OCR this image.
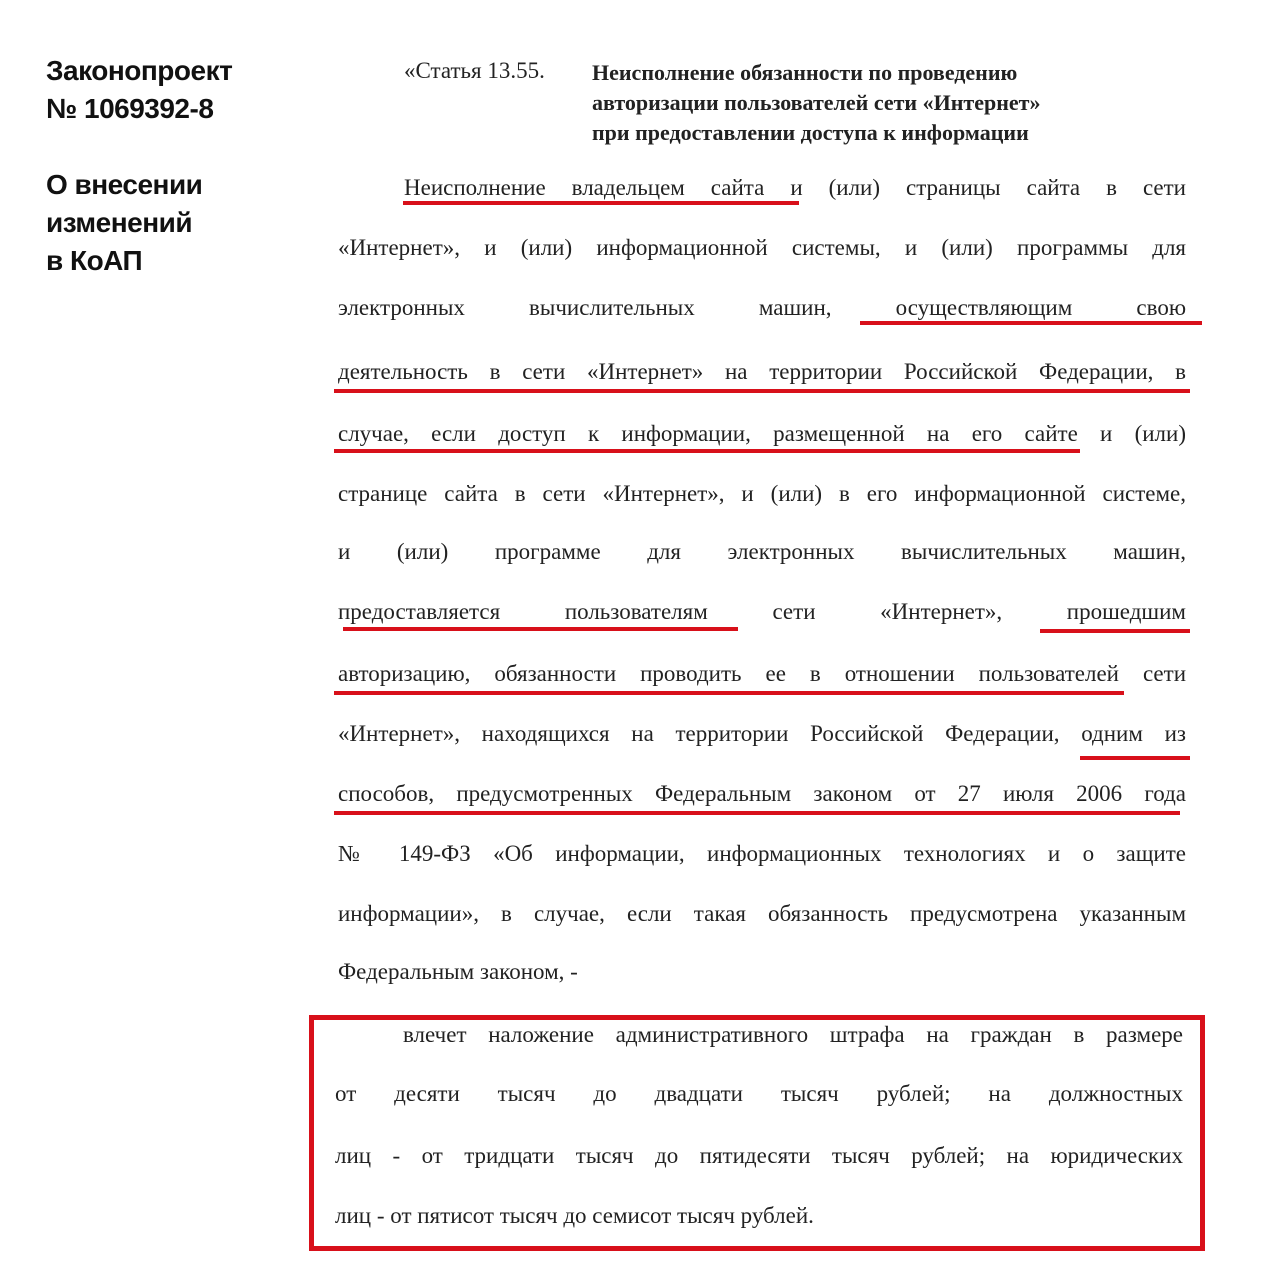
Законопроект
№ 1069392-8
О внесении
изменений
в КоАП
«Статья 13.55. Неисполнение обязанности по проведению
авторизации пользователей сети «Интернет»
при предоставлении доступа к информации
Неисполнение владельцем сайта и (или) страницы сайта в сети
«Интернет», и (или) информационной системы, и (или) программы для
электронных вычислительных машин, осуществляющим свою
деятельность в сети «Интернет» на территории Российской Федерации, в
случае, если доступ к информации, размещенной на его сайте и (или)
странице сайта в сети «Интернет», и (или) в его информационной системе,
и (или) программе для электронных вычислительных машин,
предоставляется пользователям сети «Интернет», прошедшим
авторизацию, обязанности проводить ее в отношении пользователей сети
«Интернет», находящихся на территории Российской Федерации, одним из
способов, предусмотренных Федеральным законом от 27 июля 2006 года
№ 149-ФЗ «Об информации, информационных технологиях и о защите
информации», в случае, если такая обязанность предусмотрена указанным
Федеральным законом, -
влечет наложение административного штрафа на граждан в размере
от десяти тысяч до двадцати тысяч рублей; на должностных
лиц - от тридцати тысяч до пятидесяти тысяч рублей; на юридических
лиц - от пятисот тысяч до семисот тысяч рублей.
